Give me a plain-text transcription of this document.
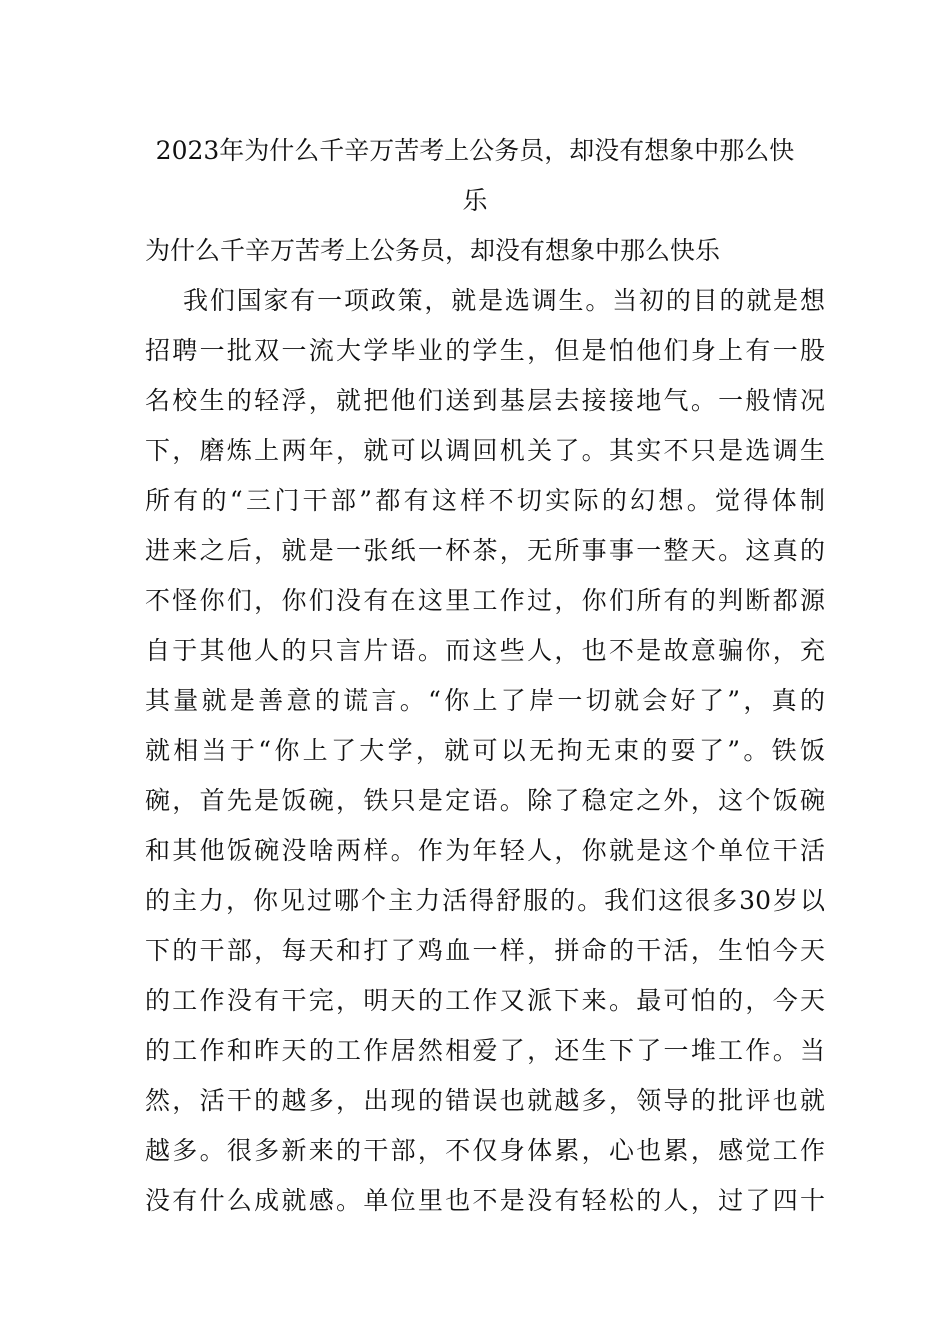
2023年为什么千辛万苦考上公务员，却没有想象中那么快
乐
为什么千辛万苦考上公务员，却没有想象中那么快乐
我们国家有一项政策，就是选调生。当初的目的就是想
招聘一批双一流大学毕业的学生，但是怕他们身上有一股
名校生的轻浮，就把他们送到基层去接接地气。一般情况
下，磨炼上两年，就可以调回机关了。其实不只是选调生
所有的“三门干部”都有这样不切实际的幻想。觉得体制
进来之后，就是一张纸一杯茶，无所事事一整天。这真的
不怪你们，你们没有在这里工作过，你们所有的判断都源
自于其他人的只言片语。而这些人，也不是故意骗你，充
其量就是善意的谎言。“你上了岸一切就会好了”，真的
就相当于“你上了大学，就可以无拘无束的耍了”。铁饭
碗，首先是饭碗，铁只是定语。除了稳定之外，这个饭碗
和其他饭碗没啥两样。作为年轻人，你就是这个单位干活
的主力，你见过哪个主力活得舒服的。我们这很多30岁以
下的干部，每天和打了鸡血一样，拼命的干活，生怕今天
的工作没有干完，明天的工作又派下来。最可怕的，今天
的工作和昨天的工作居然相爱了，还生下了一堆工作。当
然，活干的越多，出现的错误也就越多，领导的批评也就
越多。很多新来的干部，不仅身体累，心也累，感觉工作
没有什么成就感。单位里也不是没有轻松的人，过了四十
